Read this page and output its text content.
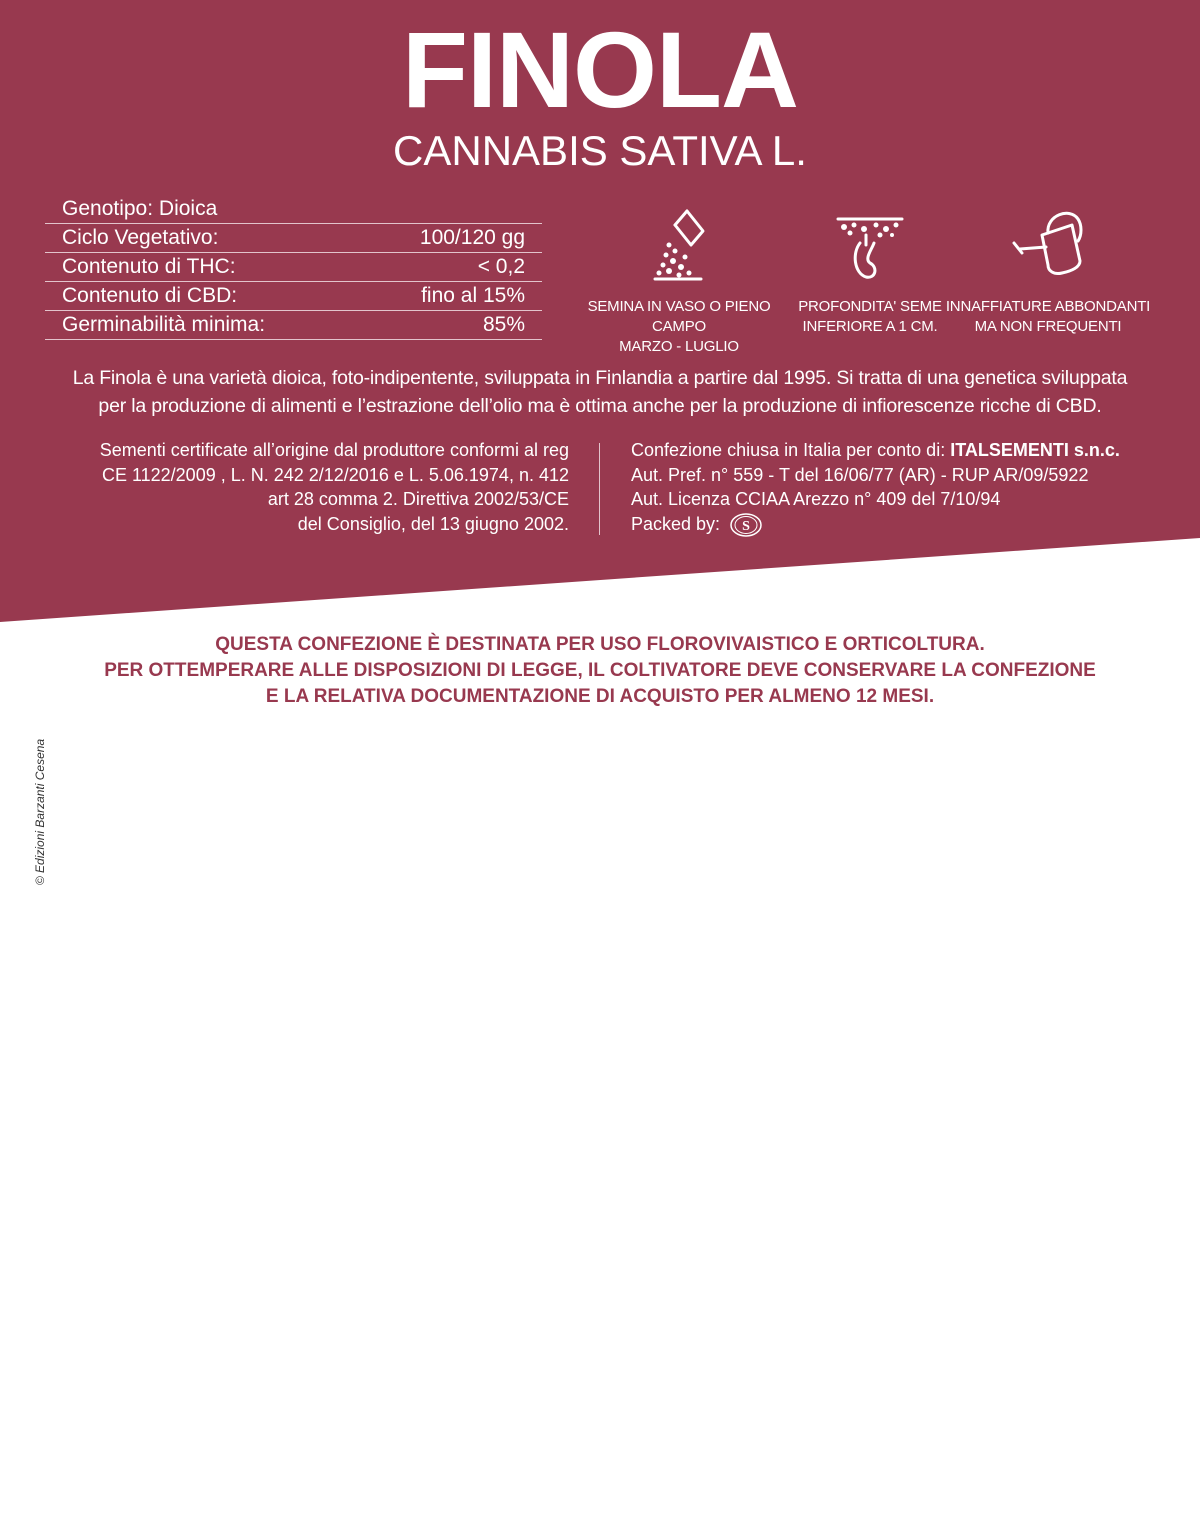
FINOLA
CANNABIS SATIVA L.
Genotipo: Dioica
Ciclo Vegetativo:	100/120 gg
Contenuto di THC:	< 0,2
Contenuto di CBD:	fino al 15%
Germinabilità minima:	85%
SEMINA IN VASO O PIENO CAMPO
MARZO - LUGLIO
PROFONDITA' SEME
INFERIORE A 1 CM.
INNAFFIATURE ABBONDANTI
MA NON FREQUENTI
La Finola è una varietà dioica, foto-indipentente, sviluppata in Finlandia a partire dal 1995. Si tratta di una genetica sviluppata
per la produzione di alimenti e l’estrazione dell’olio ma è ottima anche per la produzione di infiorescenze ricche di CBD.
Sementi certificate all’origine dal produttore conformi al reg
CE 1122/2009 , L. N. 242 2/12/2016 e L. 5.06.1974, n. 412
art 28 comma 2. Direttiva 2002/53/CE
del Consiglio, del 13 giugno 2002.
Confezione chiusa in Italia per conto di: ITALSEMENTI s.n.c.
Aut. Pref. n° 559 - T del 16/06/77 (AR) - RUP AR/09/5922
Aut. Licenza CCIAA Arezzo n° 409 del 7/10/94
Packed by: S
QUESTA CONFEZIONE È DESTINATA PER USO FLOROVIVAISTICO E ORTICOLTURA.
PER OTTEMPERARE ALLE DISPOSIZIONI DI LEGGE, IL COLTIVATORE DEVE CONSERVARE LA CONFEZIONE
E LA RELATIVA DOCUMENTAZIONE DI ACQUISTO PER ALMENO 12 MESI.
© Edizioni Barzanti Cesena
